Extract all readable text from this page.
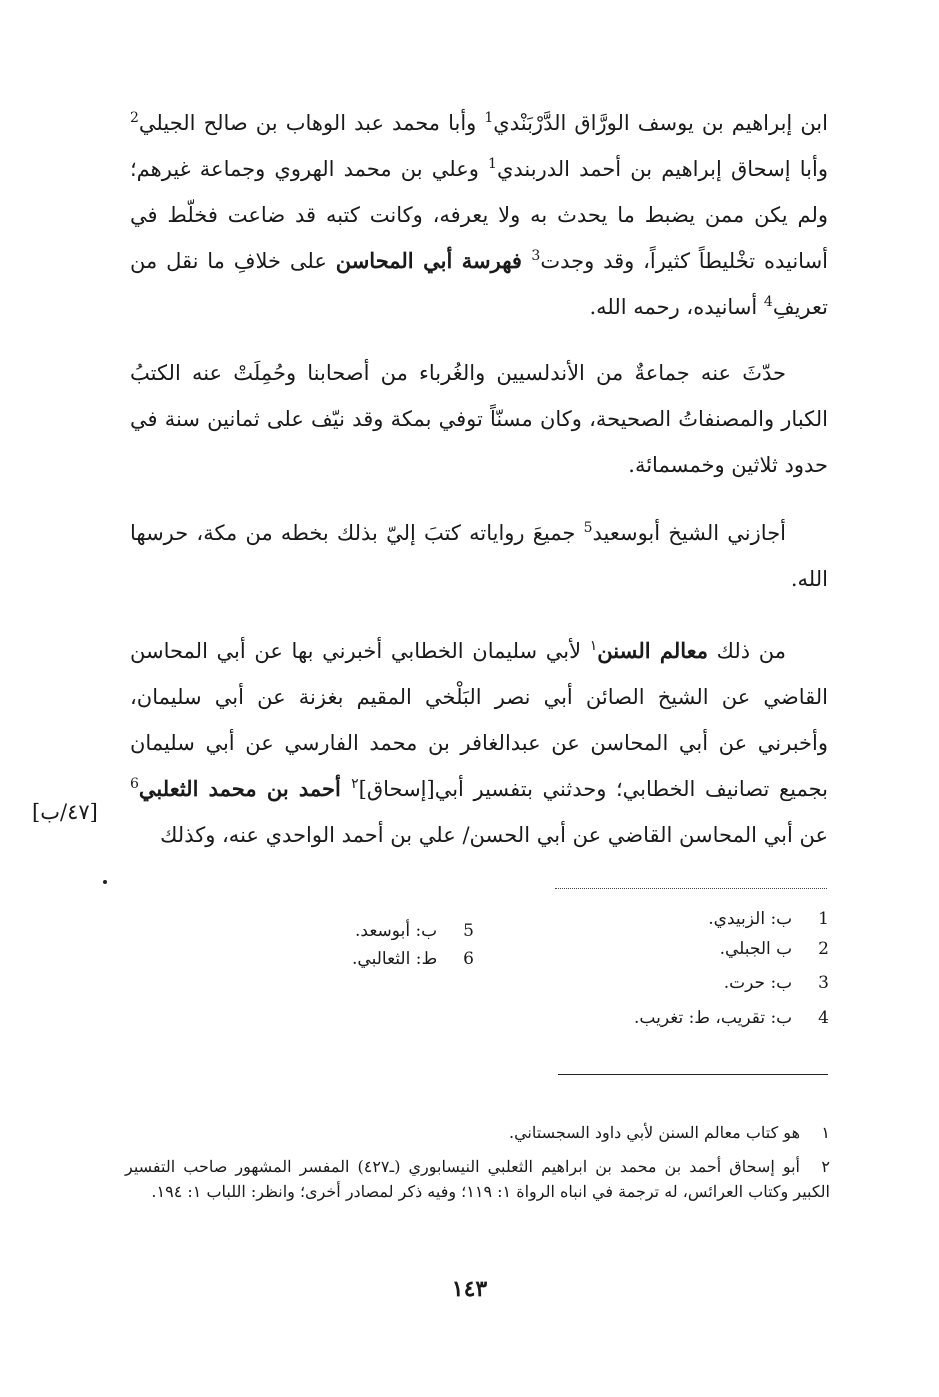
ابن إبراهيم بن يوسف الورَّاق الدَّرْبَنْدي$^1$ وأبا محمد عبد الوهاب بن صالح الجيلي$^2$ وأبا إسحاق إبراهيم بن أحمد الدربندي$^1$ وعلي بن محمد الهروي وجماعة غيرهم؛ ولم يكن ممن يضبط ما يحدث به ولا يعرفه، وكانت كتبه قد ضاعت فخلّط في أسانيده تخْليطاً كثيراً، وقد وجدت$^3$ فهرسة أبي المحاسن على خلافِ ما نقل من تعريفِ$^4$ أسانيده، رحمه الله.

حدّثَ عنه جماعةٌ من الأندلسيين والغُرباء من أصحابنا وحُمِلَتْ عنه الكتبُ الكبار والمصنفاتُ الصحيحة، وكان مسنّاً توفي بمكة وقد نيّف على ثمانين سنة في حدود ثلاثين وخمسمائة.

أجازني الشيخ أبوسعيد$^5$ جميعَ رواياته كتبَ إليّ بذلك بخطه من مكة، حرسها الله.

من ذلك معالم السنن$^١$ لأبي سليمان الخطابي أخبرني بها عن أبي المحاسن القاضي عن الشيخ الصائن أبي نصر البَلْخي المقيم بغزنة عن أبي سليمان، وأخبرني عن أبي المحاسن عن عبدالغافر بن محمد الفارسي عن أبي سليمان بجميع تصانيف الخطابي؛ وحدثني بتفسير أبي[إسحاق]$^٢$ أحمد بن محمد الثعلبي$^6$ عن أبي المحاسن القاضي عن أبي الحسن/ علي بن أحمد الواحدي عنه، وكذلك

[٤٧/ب]
1  ب: الزبيدي.
2  ب الجبلي.
3  ب: حرت.
4  ب: تقريب، ط: تغريب.
5  ب: أبوسعد.
6  ط: الثعالبي.
١هو كتاب معالم السنن لأبي داود السجستاني.
٢أبو إسحاق أحمد بن محمد بن ابراهيم الثعلبي النيسابوري (ـ٤٢٧) المفسر المشهور صاحب التفسير الكبير وكتاب العرائس، له ترجمة في انباه الرواة ١: ١١٩؛ وفيه ذكر لمصادر أخرى؛ وانظر: اللباب ١: ١٩٤.
١٤٣
